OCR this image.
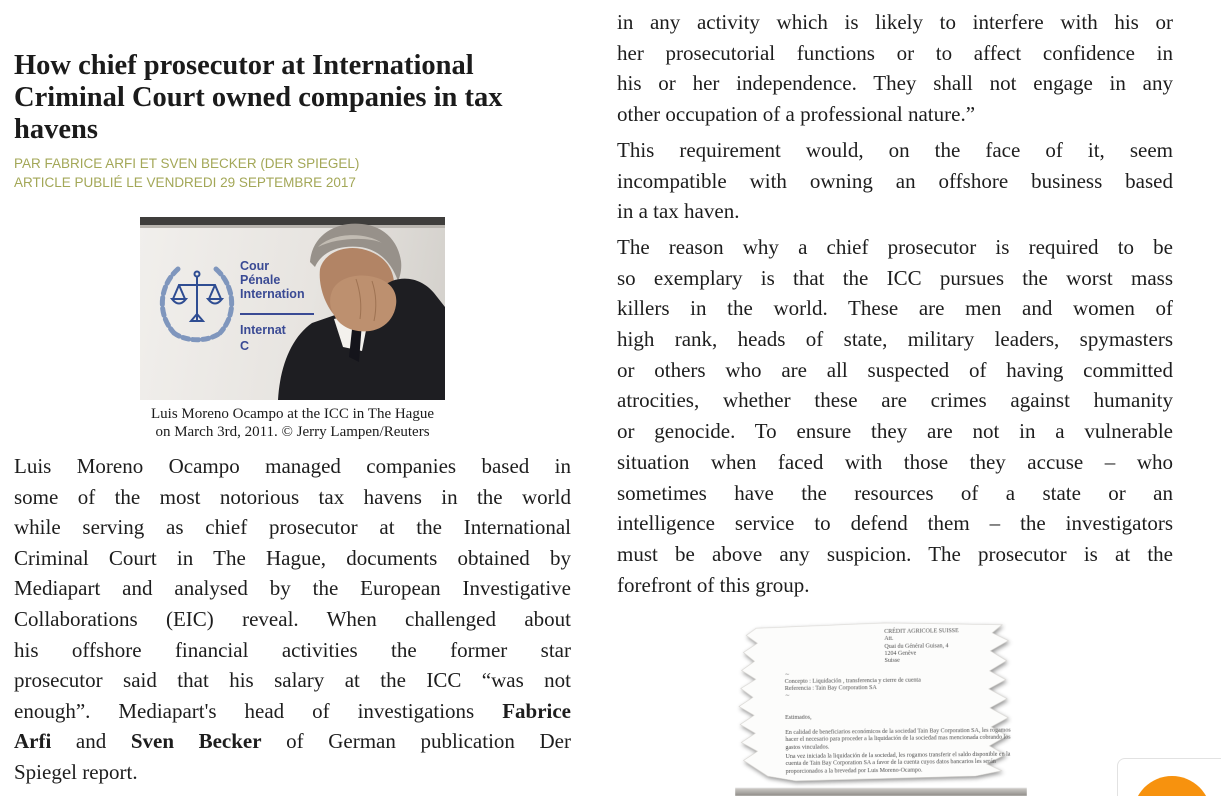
How chief prosecutor at International Criminal Court owned companies in tax havens
PAR FABRICE ARFI ET SVEN BECKER (DER SPIEGEL)
ARTICLE PUBLIÉ LE VENDREDI 29 SEPTEMBRE 2017
Cour
Pénale
Internation
Internat
C
Luis Moreno Ocampo at the ICC in The Hague
on March 3rd, 2011. © Jerry Lampen/Reuters
Luis Moreno Ocampo managed companies based in
some of the most notorious tax havens in the world
while serving as chief prosecutor at the International
Criminal Court in The Hague, documents obtained by
Mediapart and analysed by the European Investigative
Collaborations (EIC) reveal. When challenged about
his offshore financial activities the former star
prosecutor said that his salary at the ICC “was not
enough”. Mediapart's head of investigations Fabrice
Arfi and Sven Becker of German publication Der
Spiegel report.
in any activity which is likely to interfere with his or
her prosecutorial functions or to affect confidence in
his or her independence. They shall not engage in any
other occupation of a professional nature.”
This requirement would, on the face of it, seem
incompatible with owning an offshore business based
in a tax haven.
The reason why a chief prosecutor is required to be
so exemplary is that the ICC pursues the worst mass
killers in the world. These are men and women of
high rank, heads of state, military leaders, spymasters
or others who are all suspected of having committed
atrocities, whether these are crimes against humanity
or genocide. To ensure they are not in a vulnerable
situation when faced with those they accuse – who
sometimes have the resources of a state or an
intelligence service to defend them – the investigators
must be above any suspicion. The prosecutor is at the
forefront of this group.
CRÉDIT AGRICOLE SUISSE
Att.
Quai du Général Guisan, 4
1204 Genève
Suisse
∼
Concepto : Liquidación , transferencia y cierre de cuenta
Referencia : Tain Bay Corporation SA
∼
Estimados,
En calidad de beneficiarios económicos de la sociedad Tain Bay Corporation SA, les rogamos
hacer el necesario para proceder a la liquidación de la sociedad mas mencionada cobrando los
gastos vinculados.
Una vez iniciada la liquidación de la sociedad, les rogamos transferir el saldo disponible en la
cuenta de Tain Bay Corporation SA a favor de la cuenta cuyos datos bancarios les serán
proporcionados a la brevedad por Luis Moreno-Ocampo.
